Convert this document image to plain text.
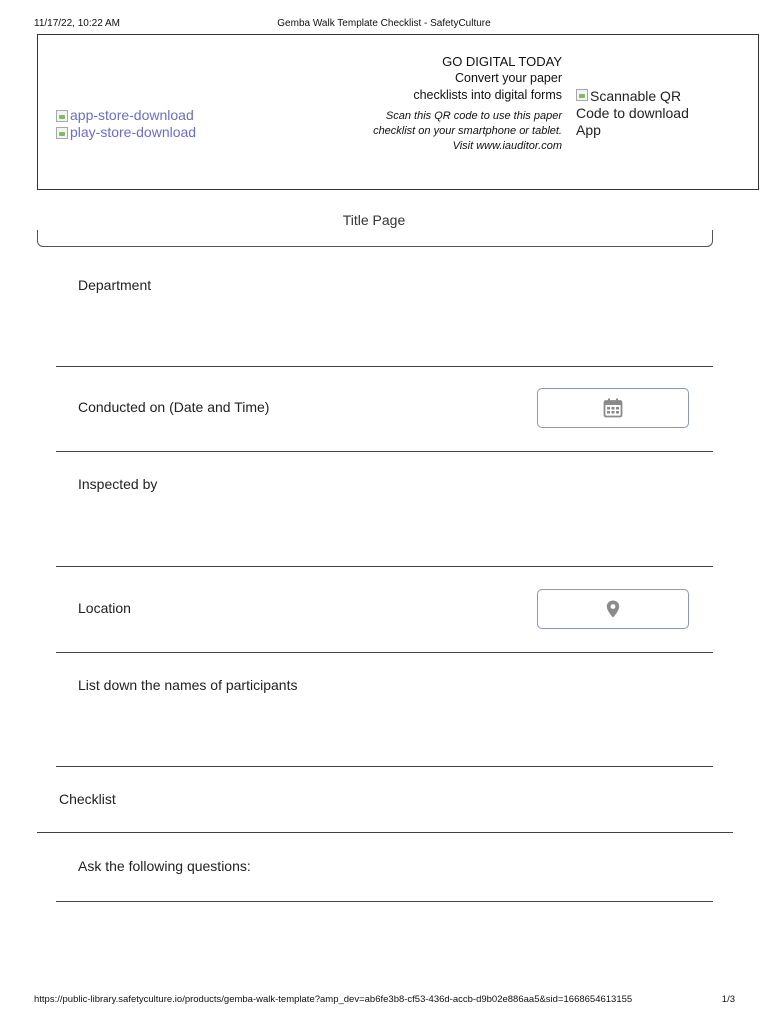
11/17/22, 10:22 AM	Gemba Walk Template Checklist - SafetyCulture
app-store-download
play-store-download
GO DIGITAL TODAY
Convert your paper
checklists into digital forms
Scan this QR code to use this paper checklist on your smartphone or tablet. Visit www.iauditor.com
Scannable QR Code to download App
Title Page
Department
Conducted on (Date and Time)
Inspected by
Location
List down the names of participants
Checklist
Ask the following questions:
https://public-library.safetyculture.io/products/gemba-walk-template?amp_dev=ab6fe3b8-cf53-436d-accb-d9b02e886aa5&sid=1668654613155	1/3
